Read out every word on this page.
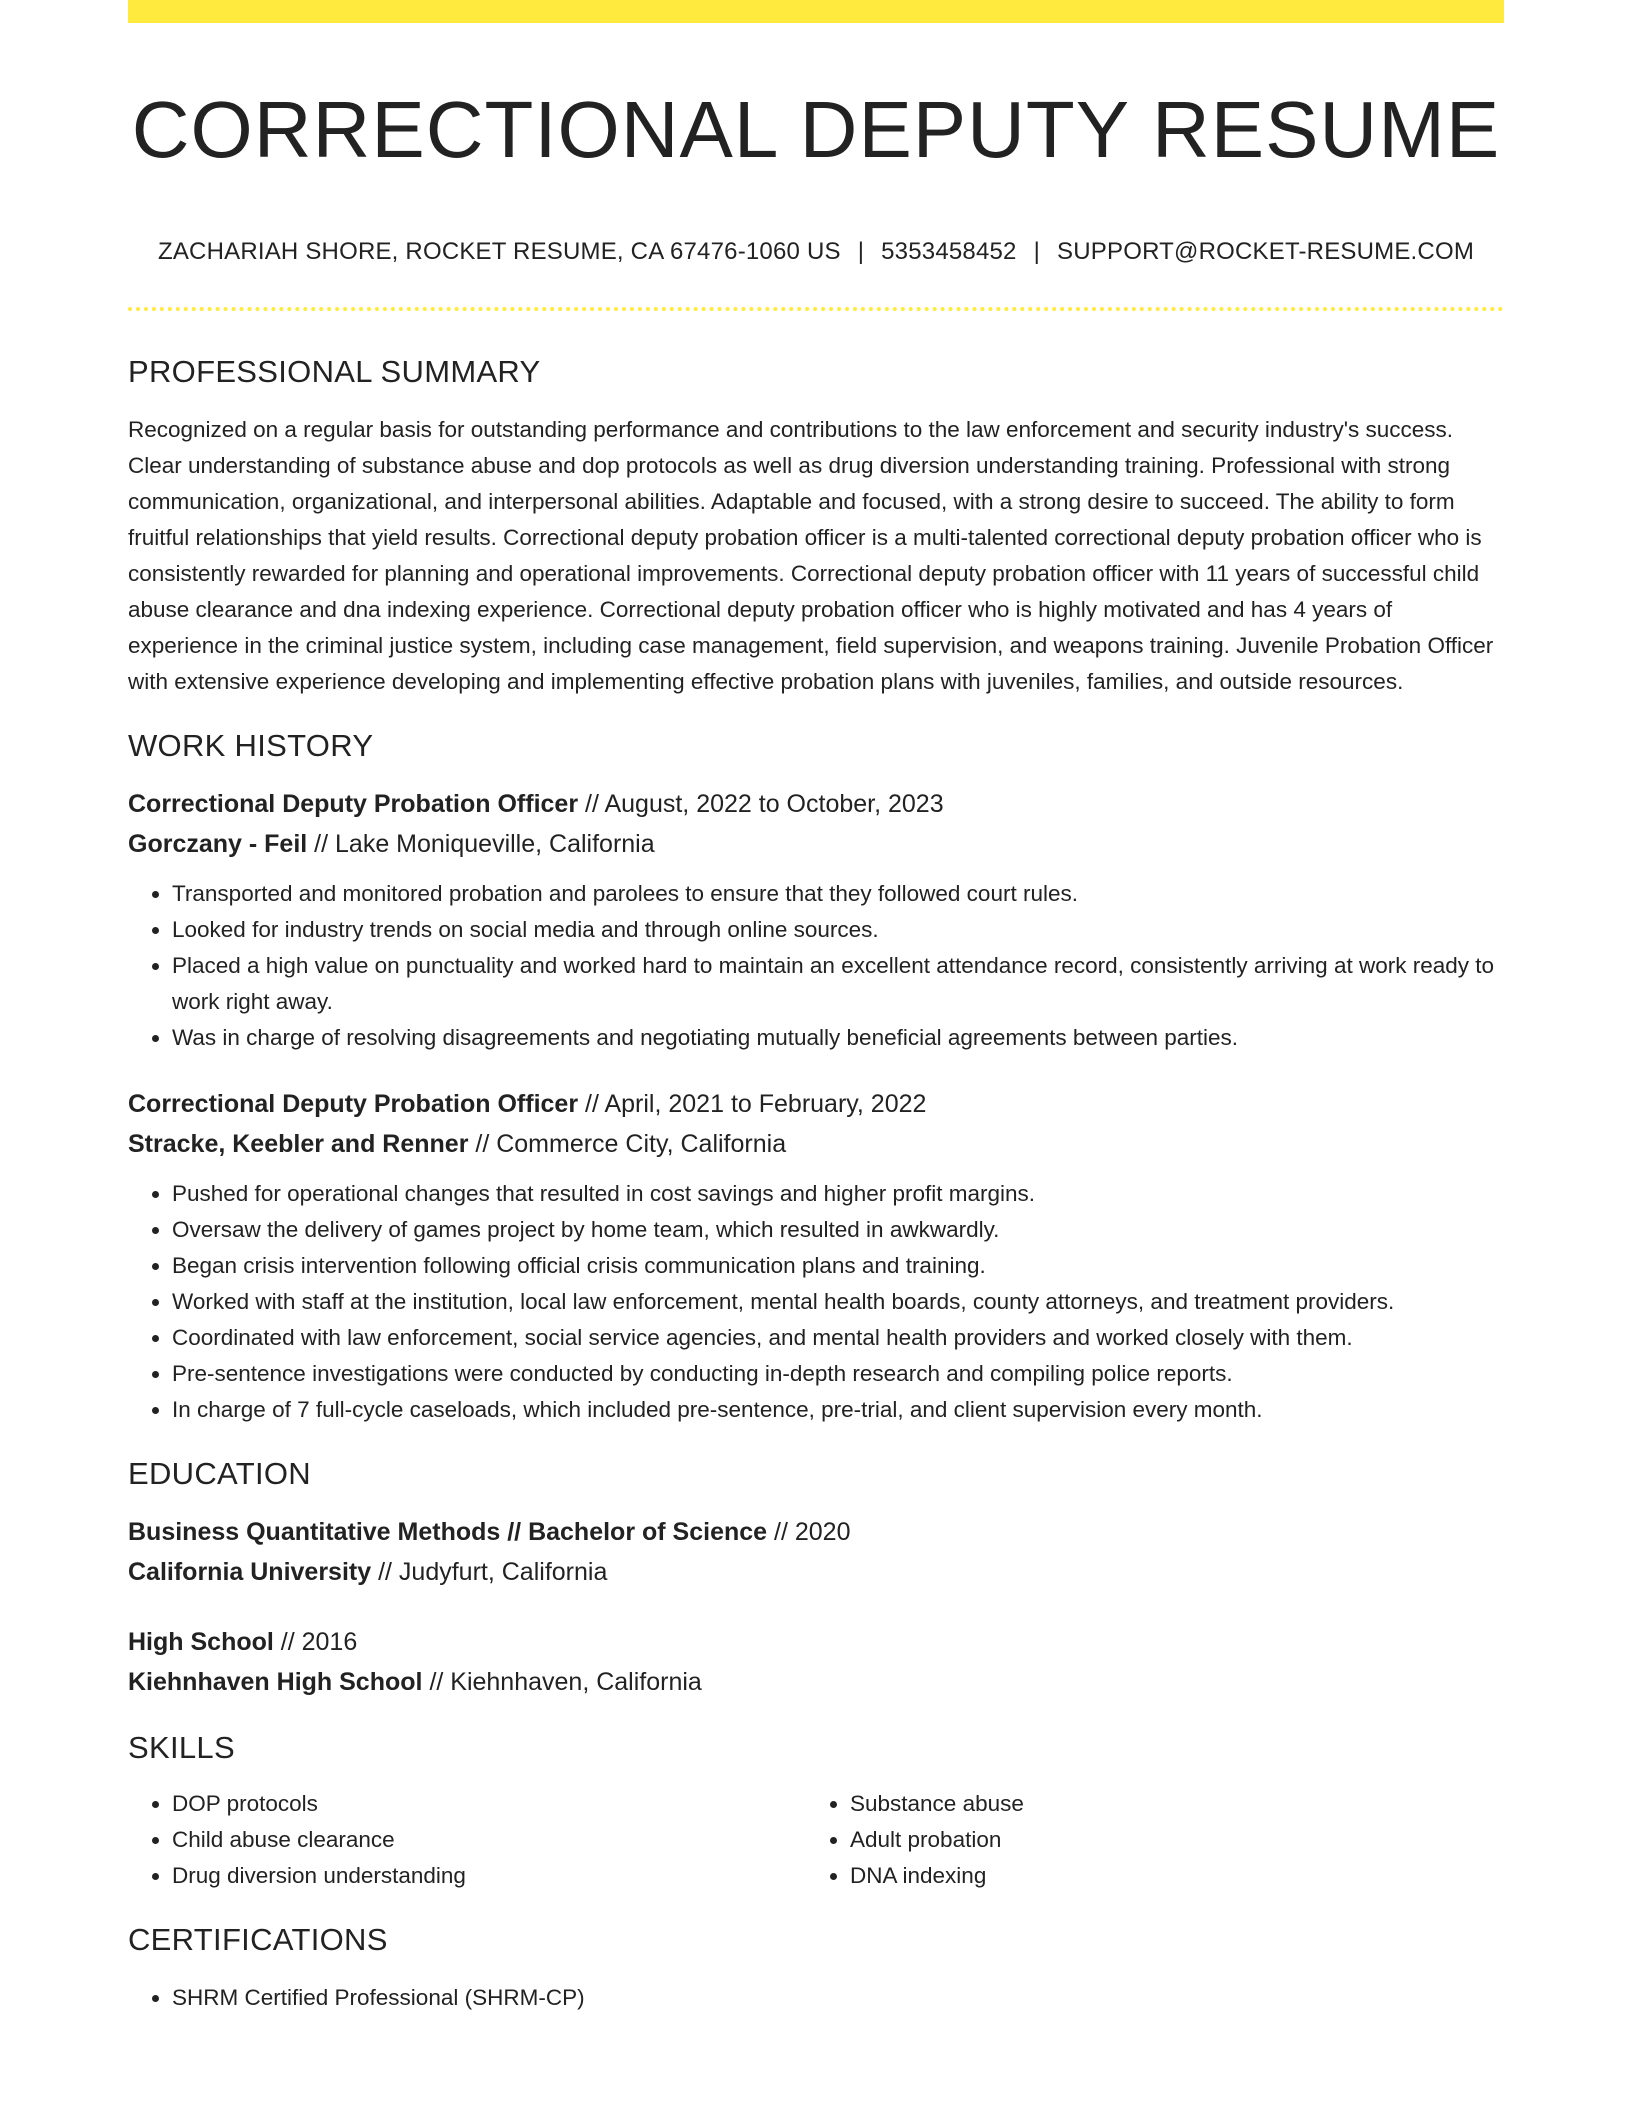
CORRECTIONAL DEPUTY RESUME
ZACHARIAH SHORE, ROCKET RESUME, CA 67476-1060 US | 5353458452 | SUPPORT@ROCKET-RESUME.COM
PROFESSIONAL SUMMARY

Recognized on a regular basis for outstanding performance and contributions to the law enforcement and security industry's success. Clear understanding of substance abuse and dop protocols as well as drug diversion understanding training. Professional with strong communication, organizational, and interpersonal abilities. Adaptable and focused, with a strong desire to succeed. The ability to form fruitful relationships that yield results. Correctional deputy probation officer is a multi-talented correctional deputy probation officer who is consistently rewarded for planning and operational improvements. Correctional deputy probation officer with 11 years of successful child abuse clearance and dna indexing experience. Correctional deputy probation officer who is highly motivated and has 4 years of experience in the criminal justice system, including case management, field supervision, and weapons training. Juvenile Probation Officer with extensive experience developing and implementing effective probation plans with juveniles, families, and outside resources.

WORK HISTORY
Correctional Deputy Probation Officer // August, 2022 to October, 2023
Gorczany - Feil // Lake Moniqueville, California
• Transported and monitored probation and parolees to ensure that they followed court rules.
• Looked for industry trends on social media and through online sources.
• Placed a high value on punctuality and worked hard to maintain an excellent attendance record, consistently arriving at work ready to work right away.
• Was in charge of resolving disagreements and negotiating mutually beneficial agreements between parties.
Correctional Deputy Probation Officer // April, 2021 to February, 2022
Stracke, Keebler and Renner // Commerce City, California
• Pushed for operational changes that resulted in cost savings and higher profit margins.
• Oversaw the delivery of games project by home team, which resulted in awkwardly.
• Began crisis intervention following official crisis communication plans and training.
• Worked with staff at the institution, local law enforcement, mental health boards, county attorneys, and treatment providers.
• Coordinated with law enforcement, social service agencies, and mental health providers and worked closely with them.
• Pre-sentence investigations were conducted by conducting in-depth research and compiling police reports.
• In charge of 7 full-cycle caseloads, which included pre-sentence, pre-trial, and client supervision every month.
EDUCATION
Business Quantitative Methods // Bachelor of Science // 2020
California University // Judyfurt, California
High School // 2016
Kiehnhaven High School // Kiehnhaven, California
SKILLS
• DOP protocols
• Child abuse clearance
• Drug diversion understanding
• Substance abuse
• Adult probation
• DNA indexing
CERTIFICATIONS
• SHRM Certified Professional (SHRM-CP)
